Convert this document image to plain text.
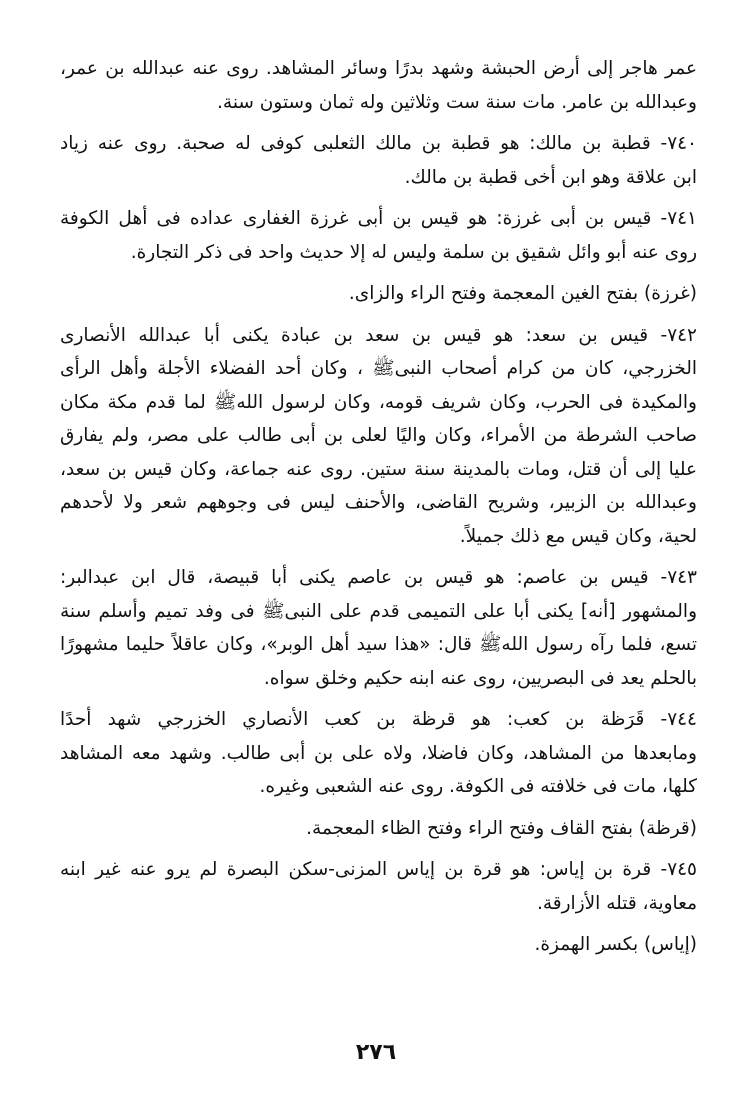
عمر هاجر إلى أرض الحبشة وشهد بدرًا وسائر المشاهد. روى عنه عبدالله بن عمر،
وعبدالله بن عامر. مات سنة ست وثلاثين وله ثمان وستون سنة.

٧٤٠- قطبة بن مالك: هو قطبة بن مالك الثعلبى كوفى له صحبة. روى عنه زياد
ابن علاقة وهو ابن أخى قطبة بن مالك.

٧٤١- قيس بن أبى غرزة: هو قيس بن أبى غرزة الغفارى عداده فى أهل الكوفة
روى عنه أبو وائل شقيق بن سلمة وليس له إلا حديث واحد فى ذكر التجارة.

(غرزة) بفتح الغين المعجمة وفتح الراء والزاى.

٧٤٢- قيس بن سعد: هو قيس بن سعد بن عبادة يكنى أبا عبدالله الأنصارى
الخزرجي، كان من كرام أصحاب النبىﷺ ، وكان أحد الفضلاء الأجلة وأهل الرأى
والمكيدة فى الحرب، وكان شريف قومه، وكان لرسول اللهﷺ لما قدم مكة مكان
صاحب الشرطة من الأمراء، وكان واليًا لعلى بن أبى طالب على مصر، ولم يفارق
عليا إلى أن قتل، ومات بالمدينة سنة ستين. روى عنه جماعة، وكان قيس بن سعد،
وعبدالله بن الزبير، وشريح القاضى، والأحنف ليس فى وجوههم شعر ولا لأحدهم
لحية، وكان قيس مع ذلك جميلاً.

٧٤٣- قيس بن عاصم: هو قيس بن عاصم يكنى أبا قبيصة، قال ابن عبدالبر:
والمشهور [أنه] يكنى أبا على التميمى قدم على النبىﷺ فى وفد تميم وأسلم سنة
تسع، فلما رآه رسول اللهﷺ قال: «هذا سيد أهل الوبر»، وكان عاقلاً حليما مشهورًا
بالحلم يعد فى البصريين، روى عنه ابنه حكيم وخلق سواه.

٧٤٤- قَرَظة بن كعب: هو قرظة بن كعب الأنصاري الخزرجي شهد أحدًا
ومابعدها من المشاهد، وكان فاضلا، ولاه على بن أبى طالب. وشهد معه المشاهد
كلها، مات فى خلافته فى الكوفة. روى عنه الشعبى وغيره.

(قرظة) بفتح القاف وفتح الراء وفتح الظاء المعجمة.

٧٤٥- قرة بن إياس: هو قرة بن إياس المزنى-سكن البصرة لم يرو عنه غير ابنه
معاوية، قتله الأزارقة.

(إياس) بكسر الهمزة.

٢٧٦
